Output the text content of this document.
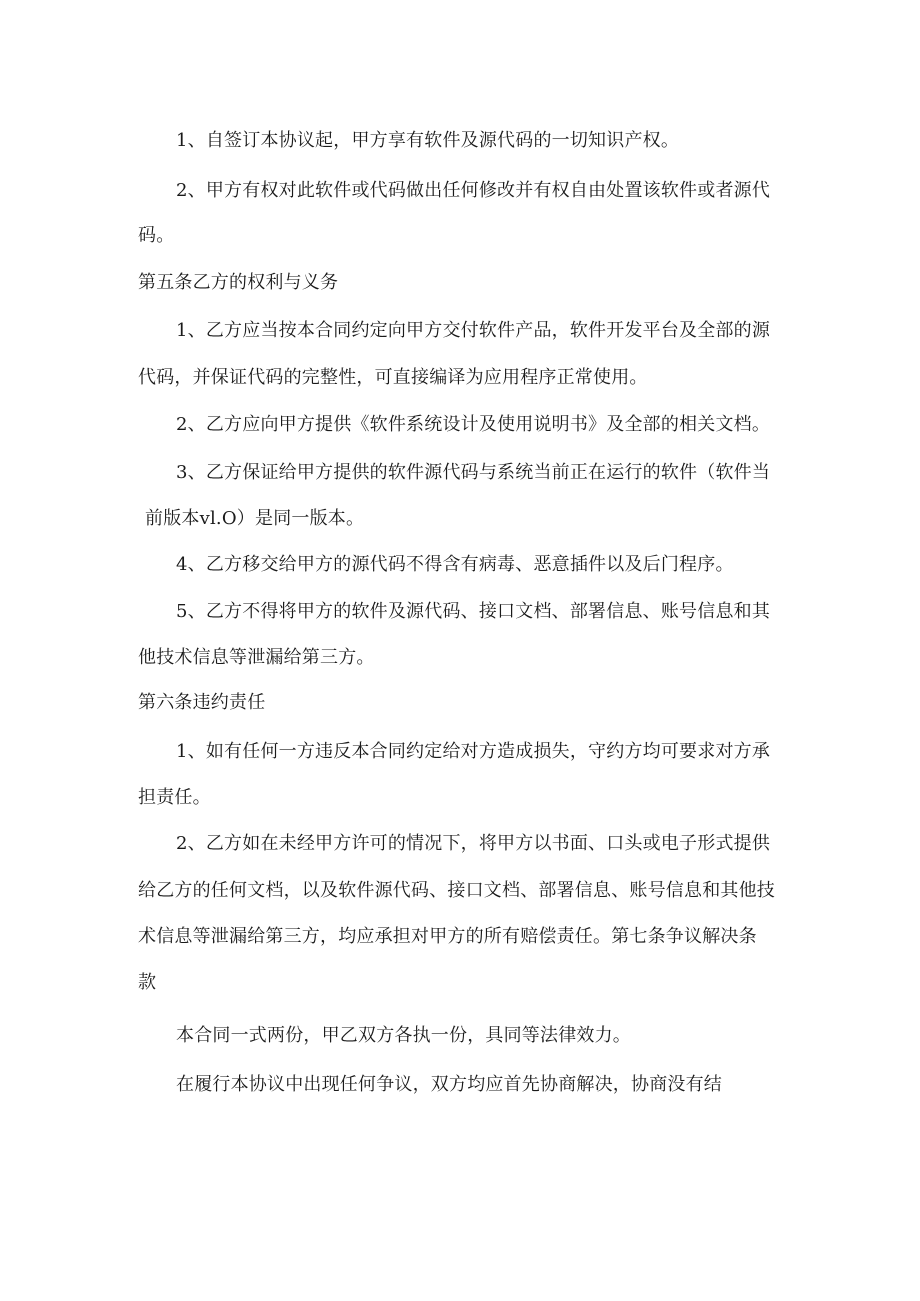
1、自签订本协议起，甲方享有软件及源代码的一切知识产权。
2、甲方有权对此软件或代码做出任何修改并有权自由处置该软件或者源代
码。
第五条乙方的权利与义务
1、乙方应当按本合同约定向甲方交付软件产品，软件开发平台及全部的源
代码，并保证代码的完整性，可直接编译为应用程序正常使用。
2、乙方应向甲方提供《软件系统设计及使用说明书》及全部的相关文档。
3、乙方保证给甲方提供的软件源代码与系统当前正在运行的软件（软件当
前版本vl.O）是同一版本。
4、乙方移交给甲方的源代码不得含有病毒、恶意插件以及后门程序。
5、乙方不得将甲方的软件及源代码、接口文档、部署信息、账号信息和其
他技术信息等泄漏给第三方。
第六条违约责任
1、如有任何一方违反本合同约定给对方造成损失，守约方均可要求对方承
担责任。
2、乙方如在未经甲方许可的情况下，将甲方以书面、口头或电子形式提供
给乙方的任何文档，以及软件源代码、接口文档、部署信息、账号信息和其他技
术信息等泄漏给第三方，均应承担对甲方的所有赔偿责任。第七条争议解决条
款
本合同一式两份，甲乙双方各执一份，具同等法律效力。
在履行本协议中出现任何争议，双方均应首先协商解决，协商没有结
